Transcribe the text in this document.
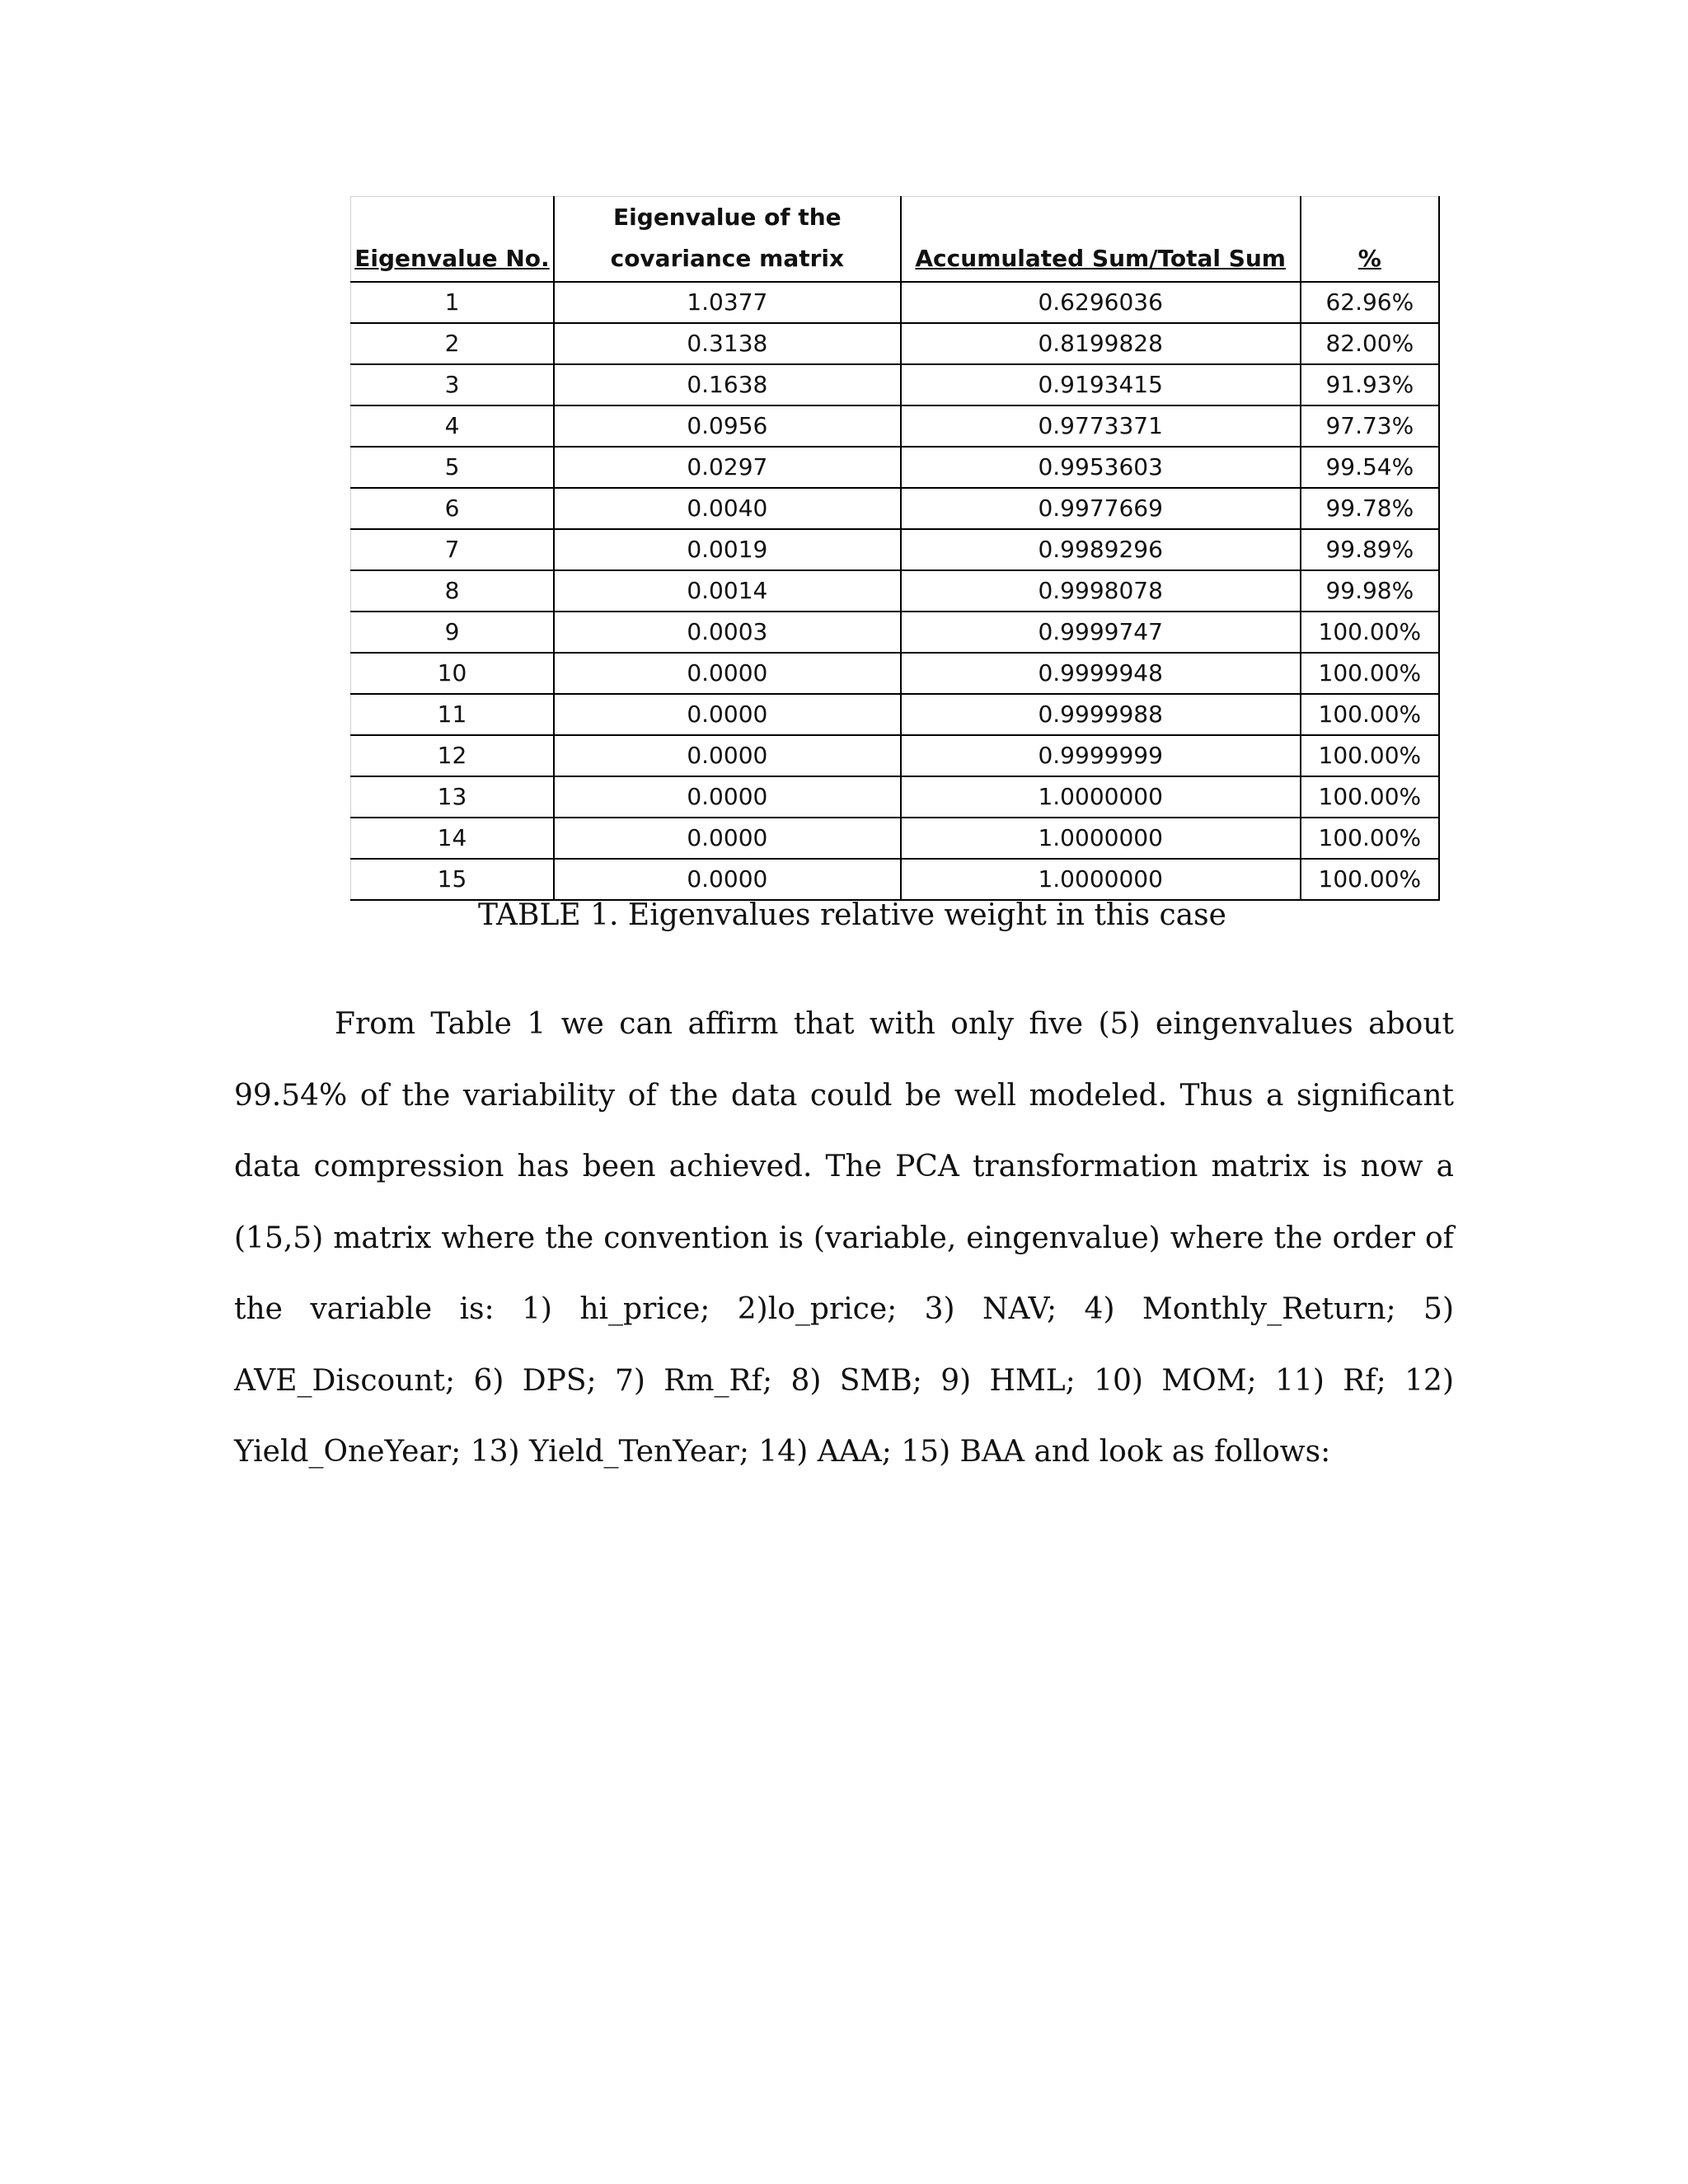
Eigenvalue No.	Eigenvalue of the covariance matrix	Accumulated Sum/Total Sum	%
1	1.0377	0.6296036	62.96%
2	0.3138	0.8199828	82.00%
3	0.1638	0.9193415	91.93%
4	0.0956	0.9773371	97.73%
5	0.0297	0.9953603	99.54%
6	0.0040	0.9977669	99.78%
7	0.0019	0.9989296	99.89%
8	0.0014	0.9998078	99.98%
9	0.0003	0.9999747	100.00%
10	0.0000	0.9999948	100.00%
11	0.0000	0.9999988	100.00%
12	0.0000	0.9999999	100.00%
13	0.0000	1.0000000	100.00%
14	0.0000	1.0000000	100.00%
15	0.0000	1.0000000	100.00%
TABLE 1. Eigenvalues relative weight in this case

From Table 1 we can affirm that with only five (5) eingenvalues about 99.54% of the variability of the data could be well modeled. Thus a significant data compression has been achieved. The PCA transformation matrix is now a (15,5) matrix where the convention is (variable, eingenvalue) where the order of the variable is: 1) hi_price; 2)lo_price; 3) NAV; 4) Monthly_Return; 5) AVE_Discount; 6) DPS; 7) Rm_Rf; 8) SMB; 9) HML; 10) MOM; 11) Rf; 12) Yield_OneYear; 13) Yield_TenYear; 14) AAA; 15) BAA and look as follows:
